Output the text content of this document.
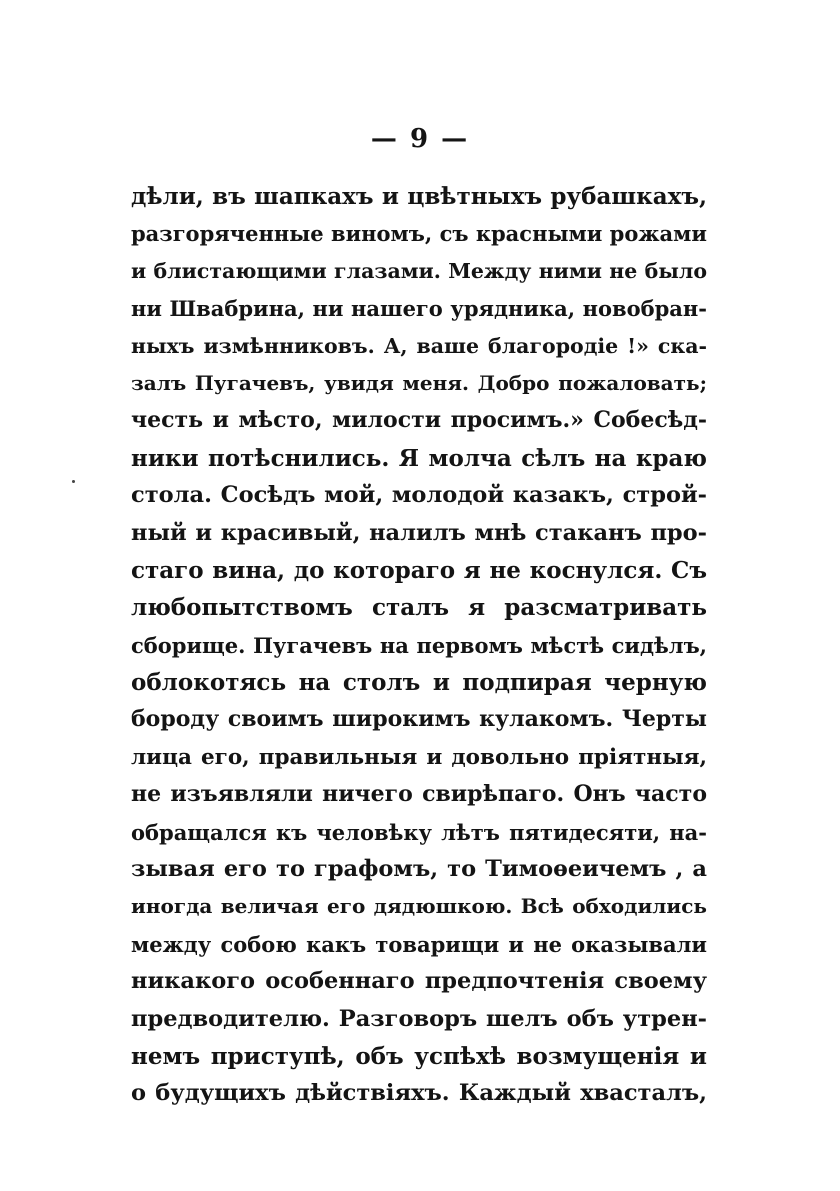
— 9 —
дѣли, въ шапкахъ и цвѣтныхъ рубашкахъ,
разгоряченные виномъ, съ красными рожами
и блистающими глазами. Между ними не было
ни Швабрина, ни нашего урядника, новобран-
ныхъ измѣнниковъ. А, ваше благородіе !» ска-
залъ Пугачевъ, увидя меня. Добро пожаловать;
честь и мѣсто, милости просимъ.» Собесѣд-
ники потѣснились. Я молча сѣлъ на краю
стола. Сосѣдъ мой, молодой казакъ, строй-
ный и красивый, налилъ мнѣ стаканъ про-
стаго вина, до котораго я не коснулся. Съ
любопытствомъ сталъ я разсматривать
сборище. Пугачевъ на первомъ мѣстѣ сидѣлъ,
облокотясь на столъ и подпирая черную
бороду своимъ широкимъ кулакомъ. Черты
лица его, правильныя и довольно пріятныя,
не изъявляли ничего свирѣпаго. Онъ часто
обращался къ человѣку лѣтъ пятидесяти, на-
зывая его то графомъ, то Тимоѳеичемъ , а
иногда величая его дядюшкою. Всѣ обходились
между собою какъ товарищи и не оказывали
никакого особеннаго предпочтенія своему
предводителю. Разговоръ шелъ объ утрен-
немъ приступѣ, объ успѣхѣ возмущенія и
о будущихъ дѣйствіяхъ. Каждый хвасталъ,
